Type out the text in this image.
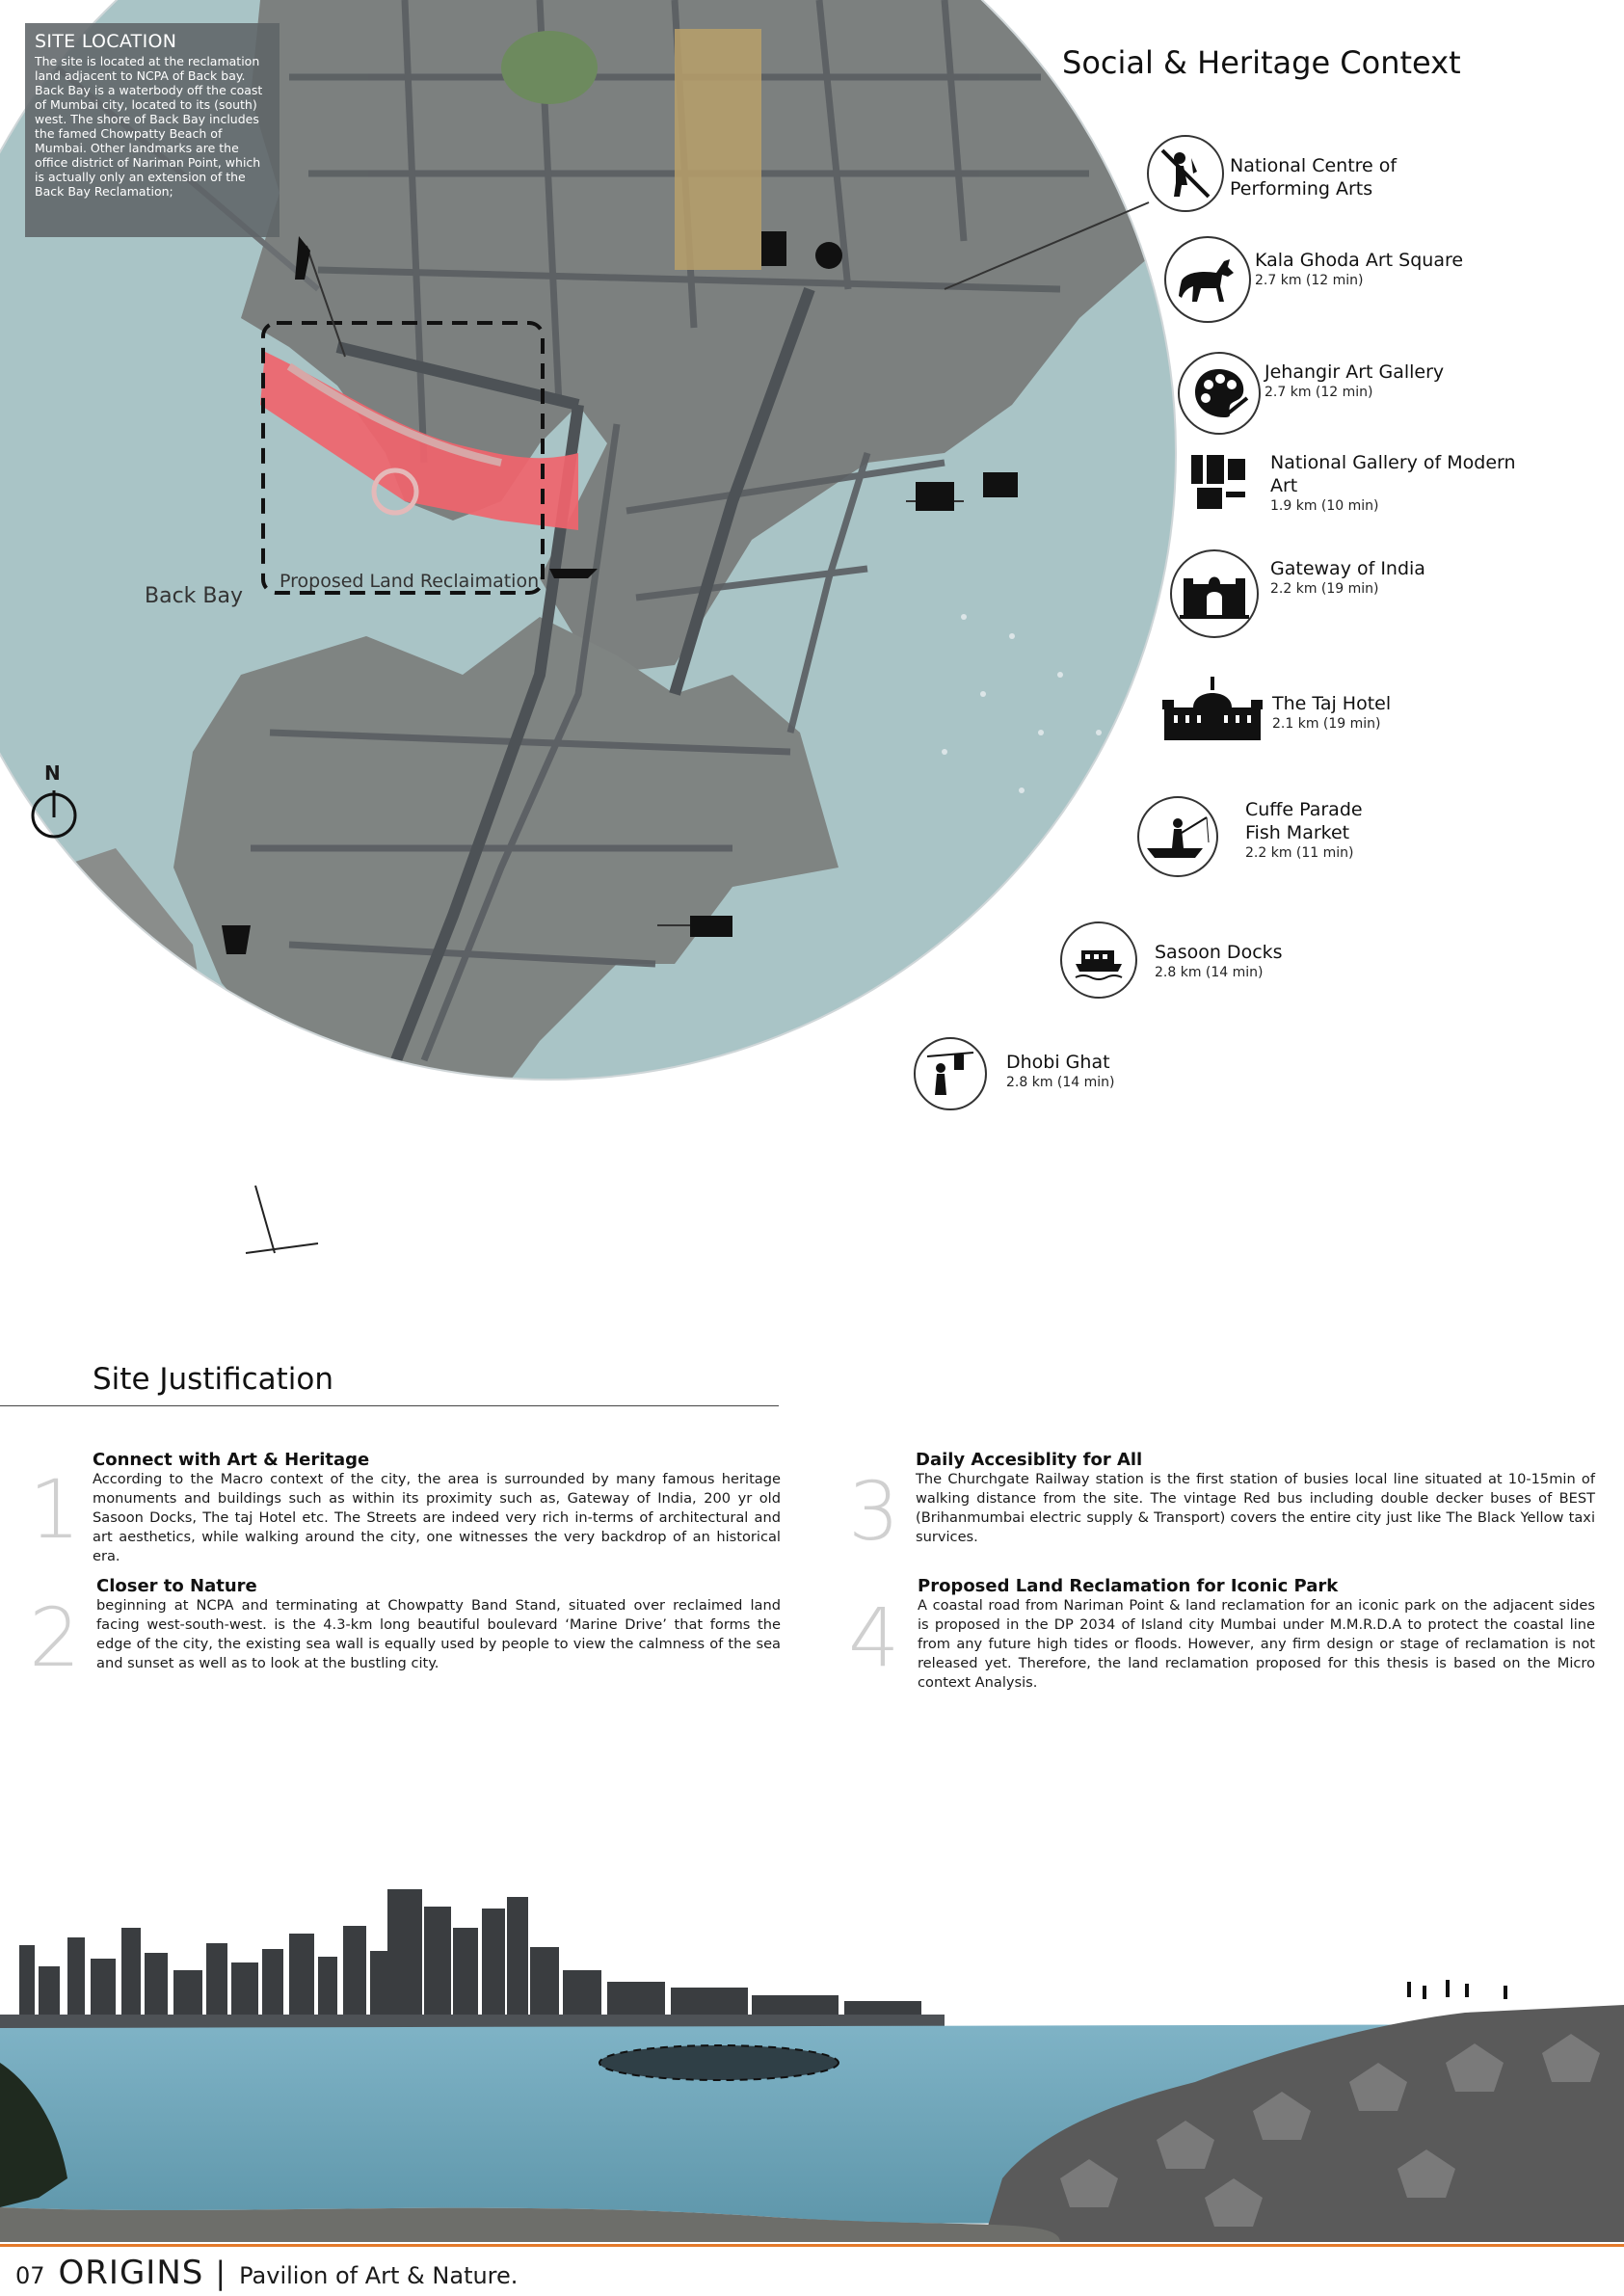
SITE LOCATION

The site is located at the reclamation land adjacent to NCPA of Back bay. Back Bay is a waterbody off the coast of Mumbai city, located to its (south) west. The shore of Back Bay includes the famed Chowpatty Beach of Mumbai. Other landmarks are the office district of Nariman Point, which is actually only an extension of the Back Bay Reclamation;

Back Bay
Proposed Land Reclaimation
N
Social & Heritage Context
National Centre of Performing Arts
Kala Ghoda Art Square
2.7 km (12 min)
Jehangir Art Gallery
2.7 km (12 min)
National Gallery of Modern Art
1.9 km (10 min)
Gateway of India
2.2 km (19 min)
The Taj Hotel
2.1 km (19 min)
Cuffe Parade Fish Market
2.2 km (11 min)
Sasoon Docks
2.8 km (14 min)
Dhobi Ghat
2.8 km (14 min)
Site Justification
1
Connect with Art & Heritage

According to the Macro context of the city, the area is surrounded by many famous heritage monuments and buildings such as within its proximity such as, Gateway of India, 200 yr old Sasoon Docks, The taj Hotel etc. The Streets are indeed very rich in-terms of architectural and art aesthetics, while walking around the city, one witnesses the very backdrop of an historical era.

2
Closer to Nature

beginning at NCPA and terminating at Chowpatty Band Stand, situated over reclaimed land facing west-south-west. is the 4.3-km long beautiful boulevard ‘Marine Drive’ that forms the edge of the city, the existing sea wall is equally used by people to view the calmness of the sea and sunset as well as to look at the bustling city.

3
Daily Accesiblity for All

The Churchgate Railway station is the first station of busies local line situated at 10-15min of walking distance from the site. The vintage Red bus including double decker buses of BEST (Brihanmumbai electric supply & Transport) covers the entire city just like The Black Yellow taxi survices.

4
Proposed Land Reclamation for Iconic Park

A coastal road from Nariman Point & land reclamation for an iconic park on the adjacent sides is proposed in the DP 2034 of Island city Mumbai under M.M.R.D.A to protect the coastal line from any future high tides or floods. However, any firm design or stage of reclamation is not released yet. Therefore, the land reclamation proposed for this thesis is based on the Micro context Analysis.

07 ORIGINS | Pavilion of Art & Nature.
